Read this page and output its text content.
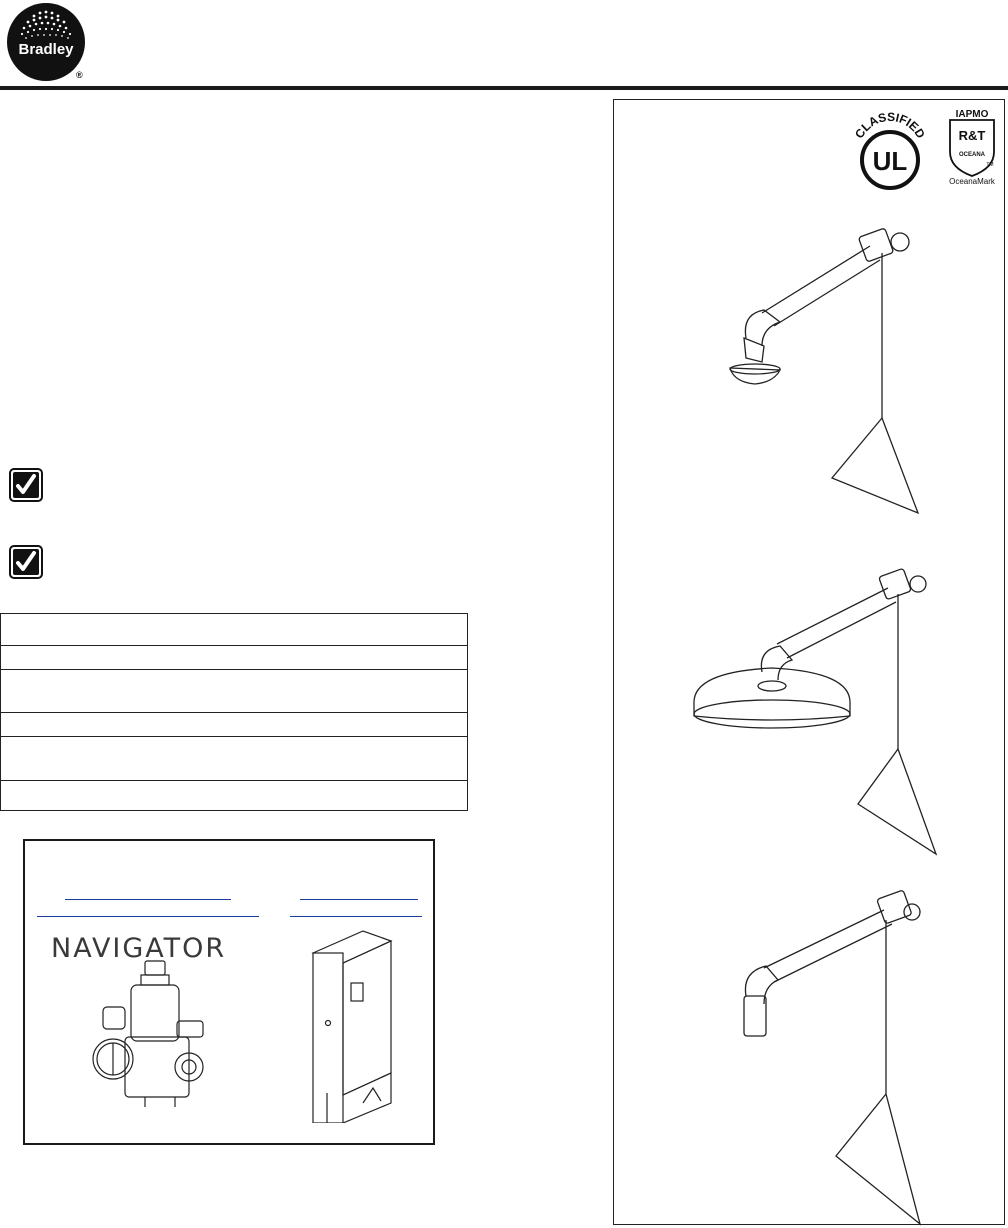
Bradley
®
NAVIGATOR
CLASSIFIED
UL
IAPMO
R&T
OCEANA
TM
OceanaMark
